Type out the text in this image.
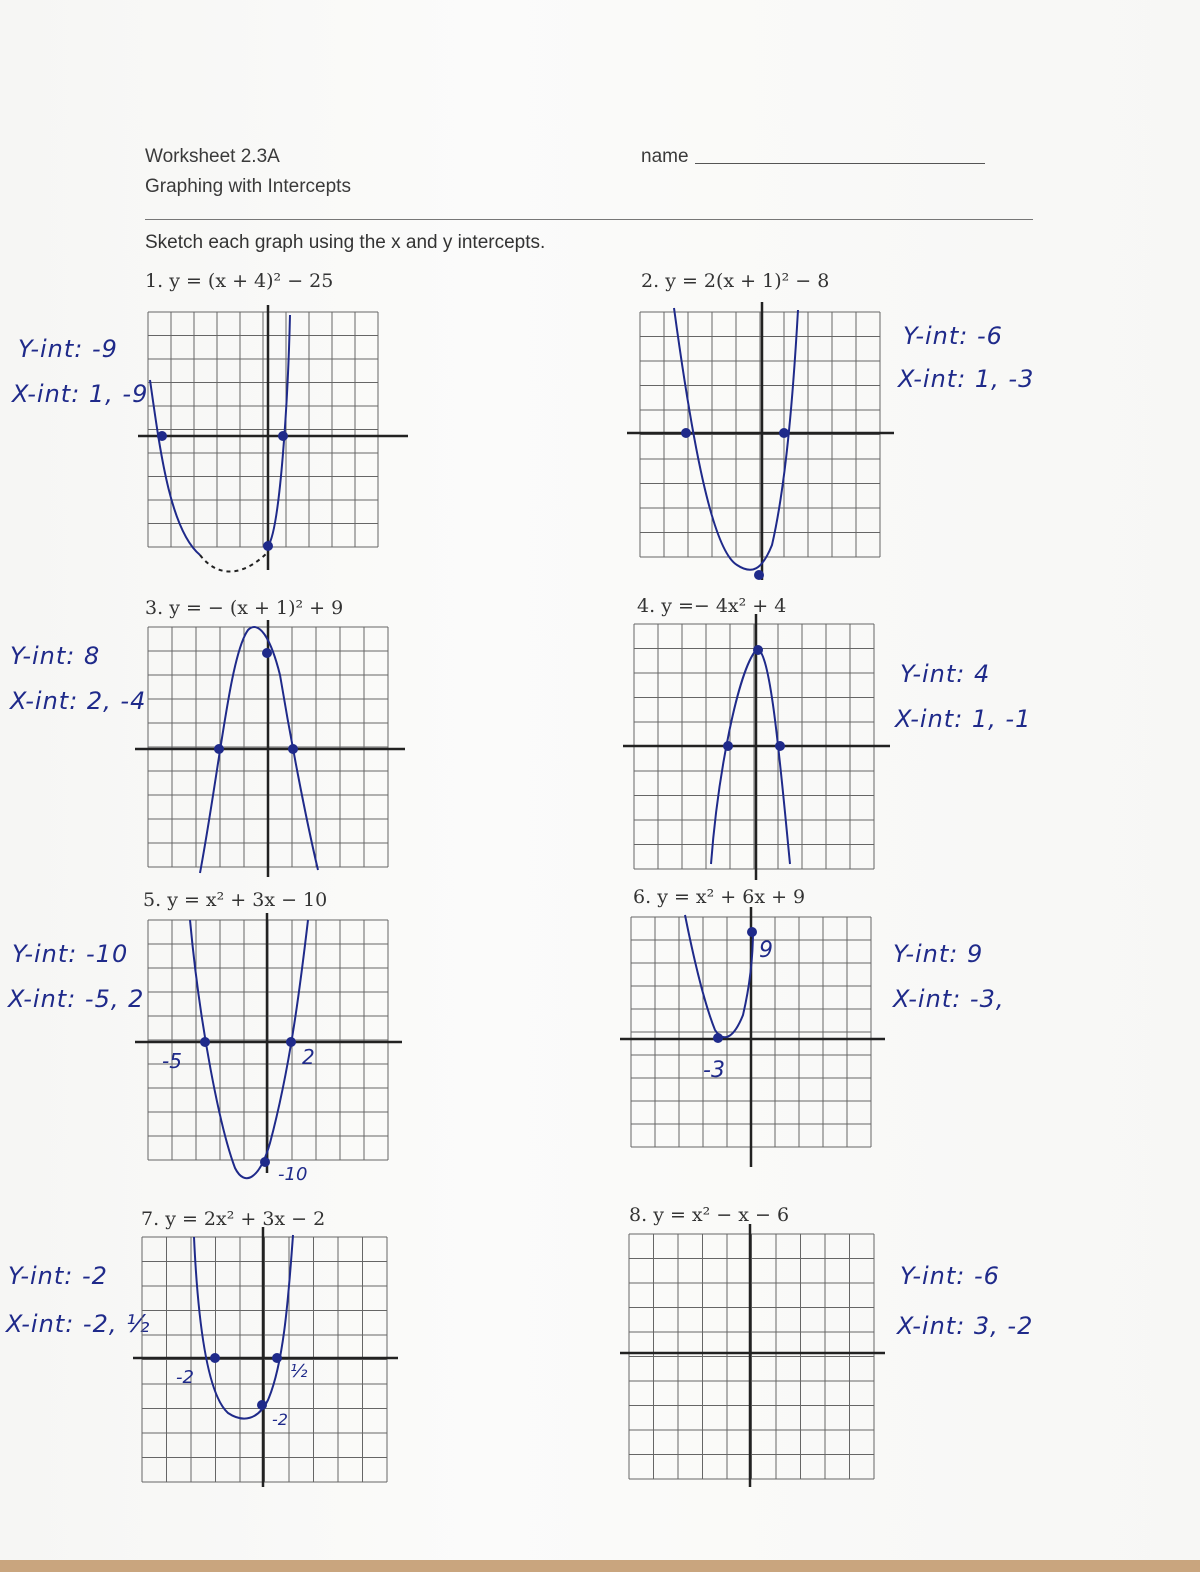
Worksheet 2.3A
Graphing with Intercepts
name
Sketch each graph using the x and y intercepts.
1. y = (x + 4)² − 25	2. y = 2(x + 1)² − 8
3. y = − (x + 1)² + 9	4. y =− 4x² + 4
5. y = x² + 3x − 10	6. y = x² + 6x + 9
7. y = 2x² + 3x − 2	8. y = x² − x − 6
Y-int: -9
X-int: 1, -9
Y-int: -6
X-int: 1, -3
Y-int: 8
X-int: 2, -4
Y-int: 4
X-int: 1, -1
Y-int: -10
X-int: -5, 2
Y-int: 9
X-int: -3,
Y-int: -2
X-int: -2, ½
Y-int: -6
X-int: 3, -2
-5	2
-10
9
-3
-2	½
-2
